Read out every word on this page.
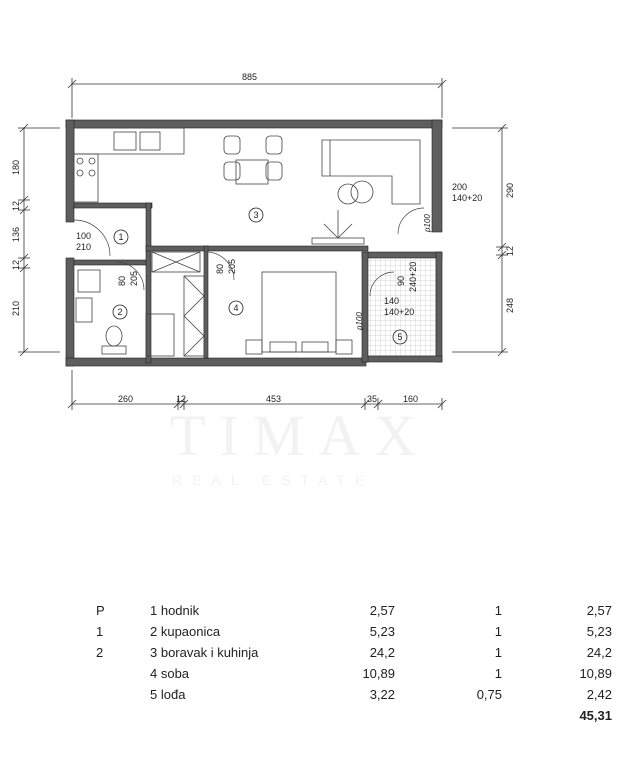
TIMAX
REAL ESTATE
885
260	12	453	35	160
180
12
136
12
210
290
12
248
200
140+20
140
140+20
100
210
80 205
80 205
90 240+20
p100
p100
1
2
3
4
5
P	1 hodnik	2,57	1	2,57
1	2 kupaonica	5,23	1	5,23
2	3 boravak i kuhinja	24,2	1	24,2
	4 soba	10,89	1	10,89
	5 lođa	3,22	0,75	2,42
				45,31
